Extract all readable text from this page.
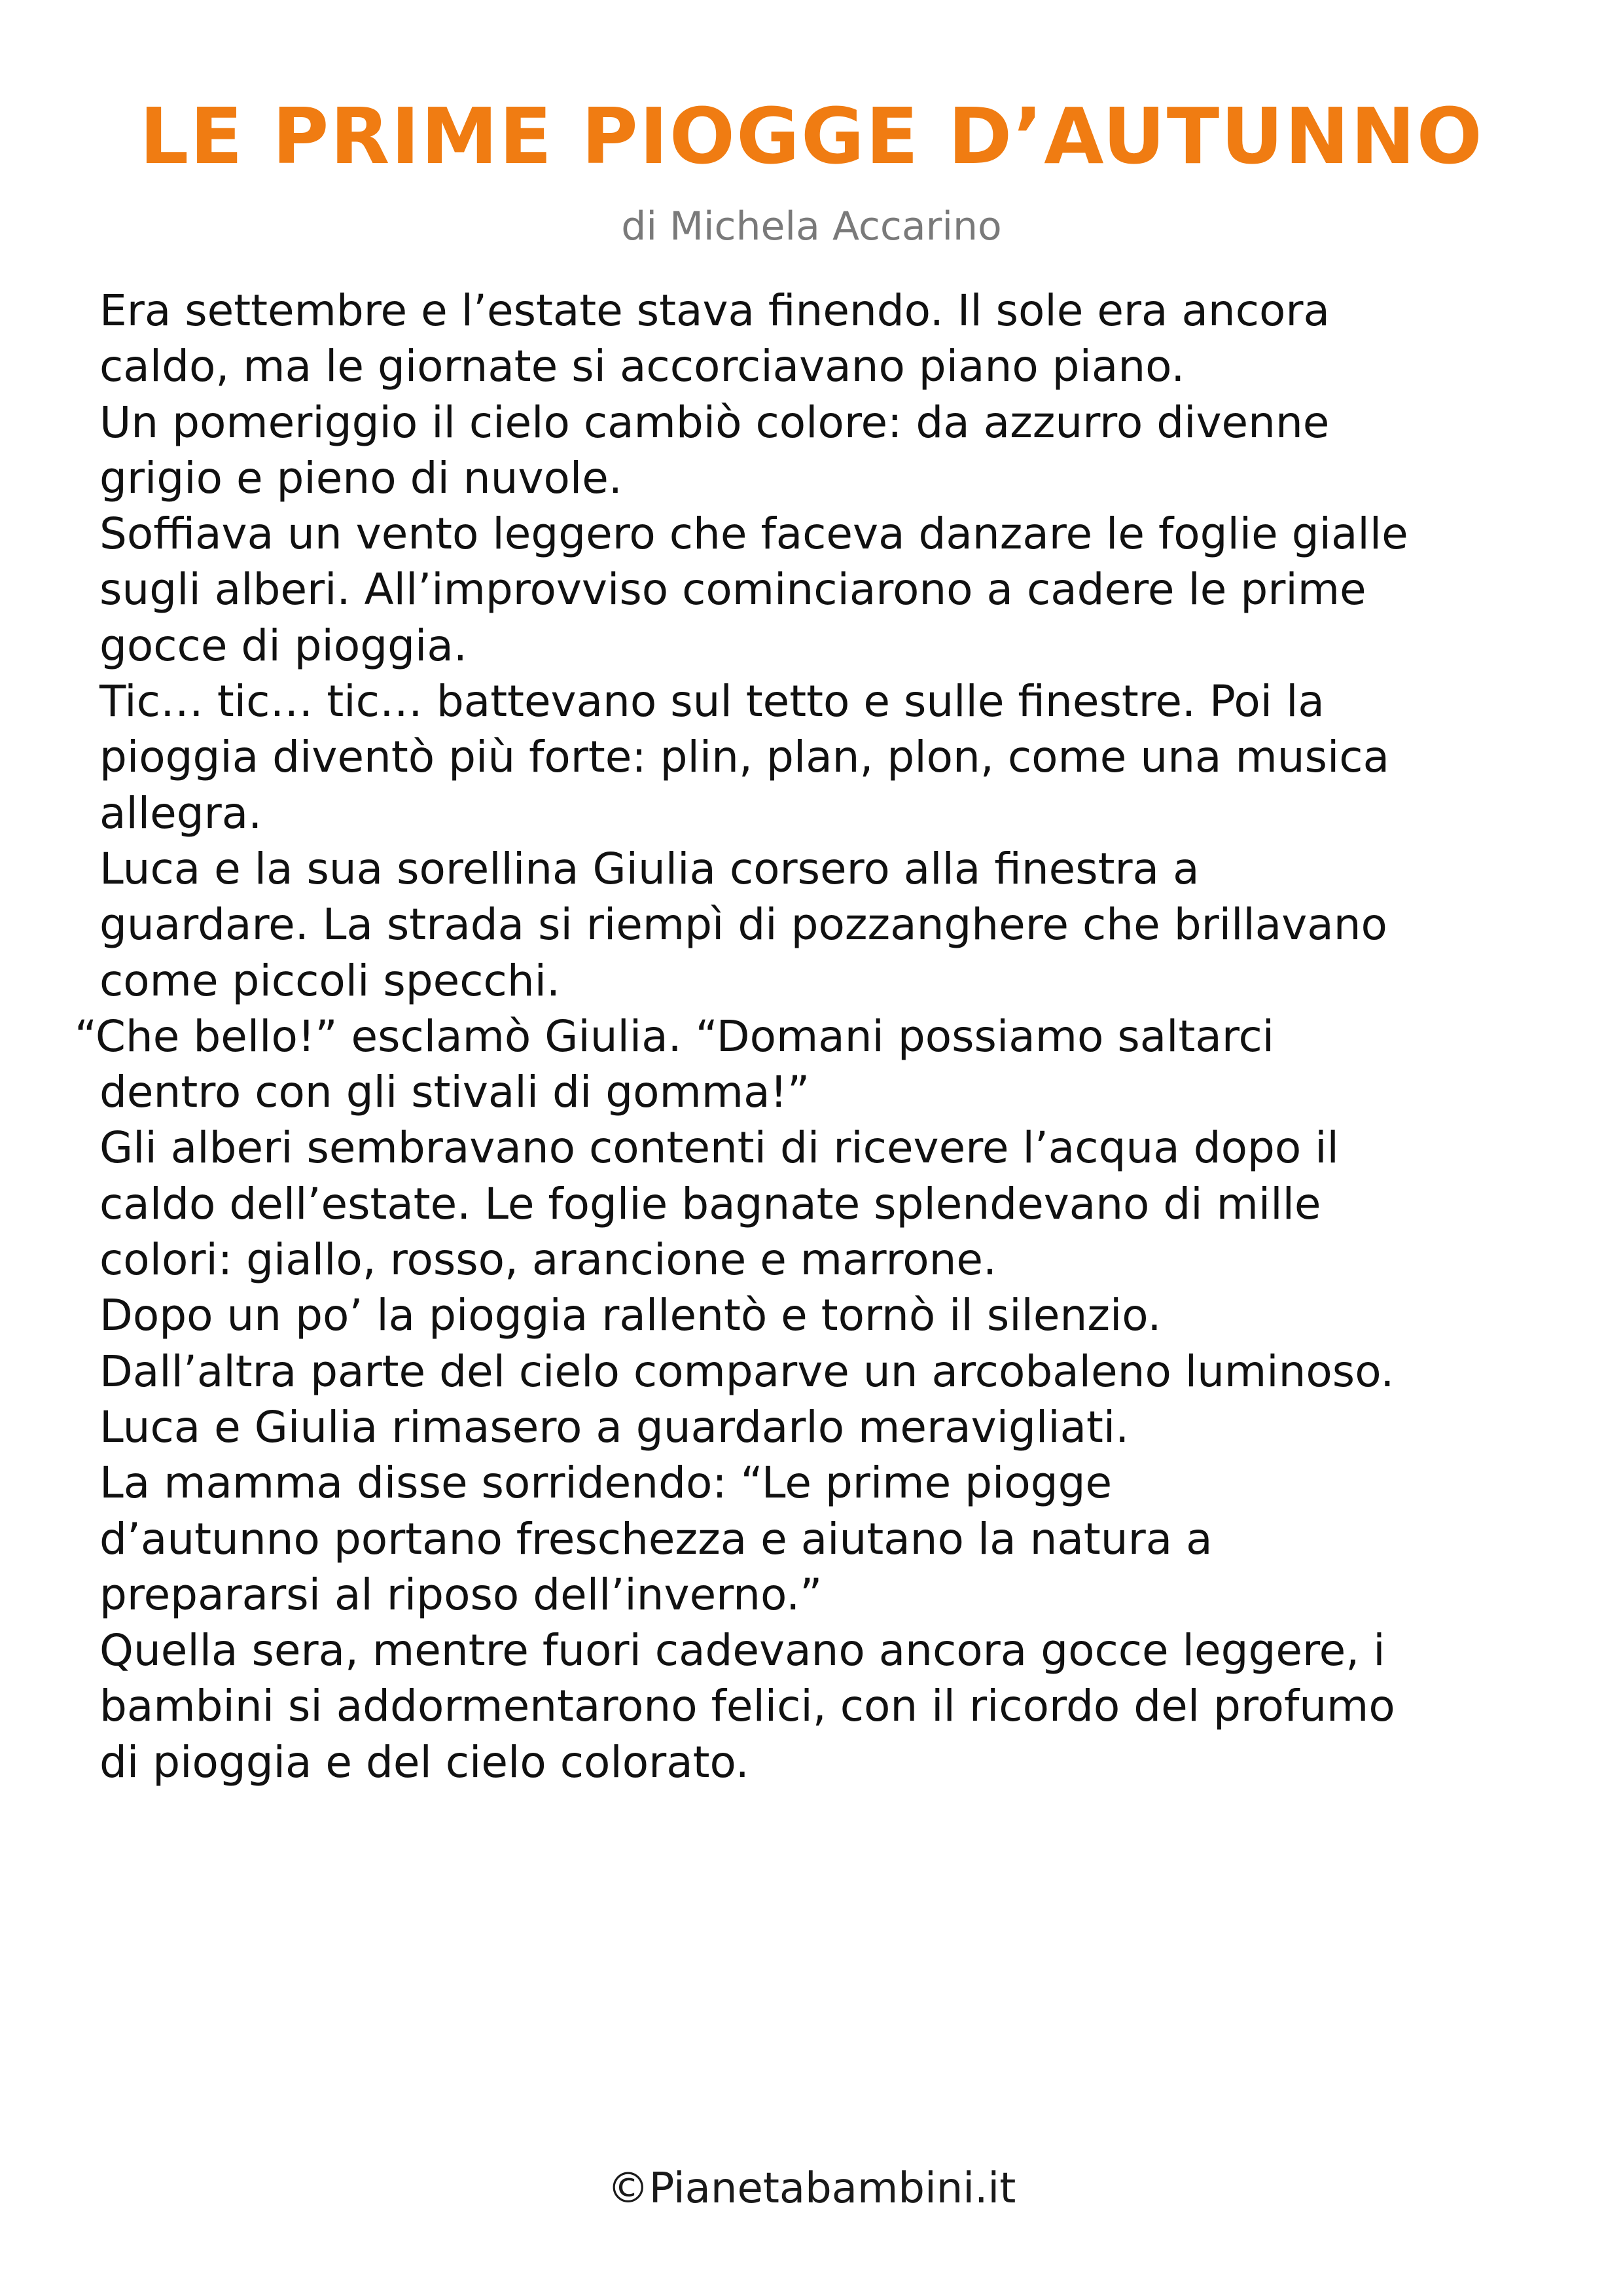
LE PRIME PIOGGE D’AUTUNNO
di Michela Accarino
Era settembre e l’estate stava finendo. Il sole era ancora
caldo, ma le giornate si accorciavano piano piano.
Un pomeriggio il cielo cambiò colore: da azzurro divenne
grigio e pieno di nuvole.
Soffiava un vento leggero che faceva danzare le foglie gialle
sugli alberi. All’improvviso cominciarono a cadere le prime
gocce di pioggia.
Tic… tic… tic… battevano sul tetto e sulle finestre. Poi la
pioggia diventò più forte: plin, plan, plon, come una musica
allegra.
Luca e la sua sorellina Giulia corsero alla finestra a
guardare. La strada si riempì di pozzanghere che brillavano
come piccoli specchi.
“Che bello!” esclamò Giulia. “Domani possiamo saltarci
dentro con gli stivali di gomma!”
Gli alberi sembravano contenti di ricevere l’acqua dopo il
caldo dell’estate. Le foglie bagnate splendevano di mille
colori: giallo, rosso, arancione e marrone.
Dopo un po’ la pioggia rallentò e tornò il silenzio.
Dall’altra parte del cielo comparve un arcobaleno luminoso.
Luca e Giulia rimasero a guardarlo meravigliati.
La mamma disse sorridendo: “Le prime piogge
d’autunno portano freschezza e aiutano la natura a
prepararsi al riposo dell’inverno.”
Quella sera, mentre fuori cadevano ancora gocce leggere, i
bambini si addormentarono felici, con il ricordo del profumo
di pioggia e del cielo colorato.
©Pianetabambini.it
